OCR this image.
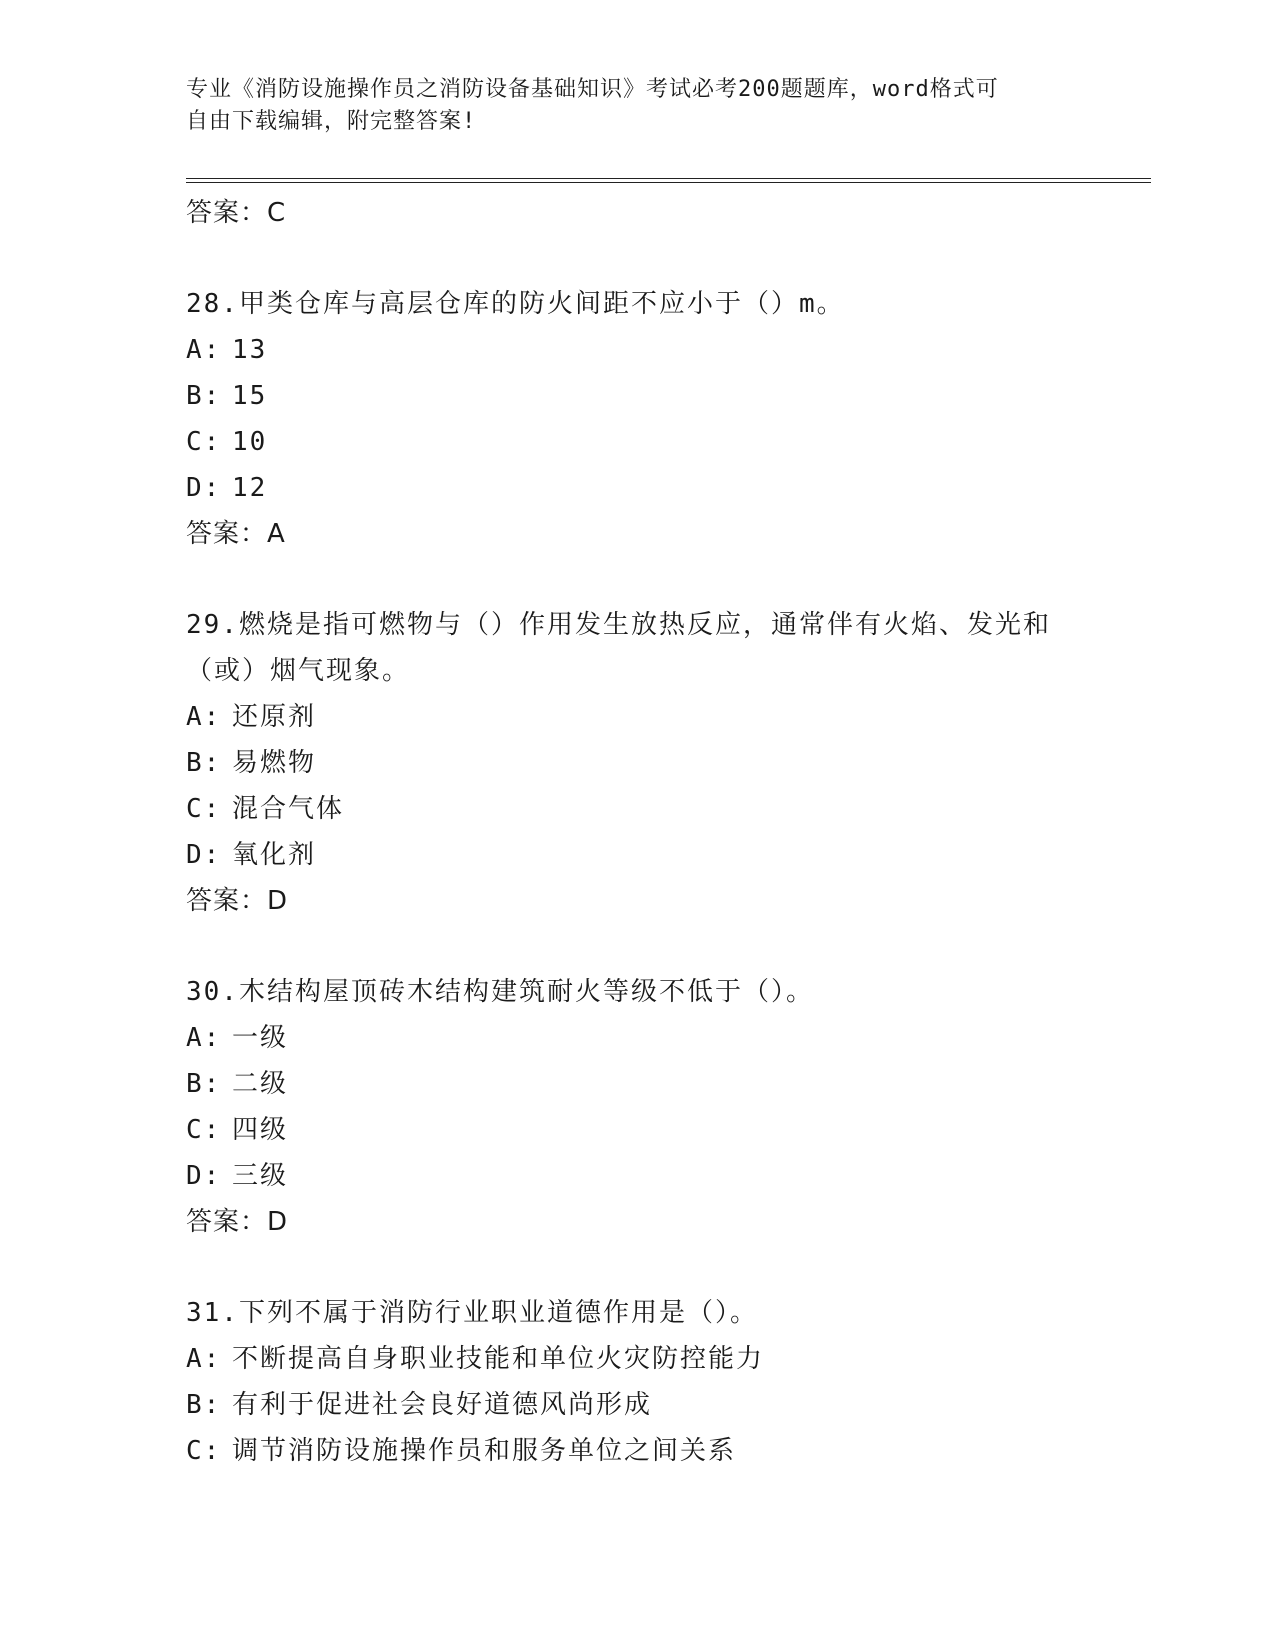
专业《消防设施操作员之消防设备基础知识》考试必考200题题库，word格式可
自由下载编辑，附完整答案!
答案：C
28.甲类仓库与高层仓库的防火间距不应小于（）m。
A: 13
B: 15
C: 10
D: 12
答案：A
29.燃烧是指可燃物与（）作用发生放热反应，通常伴有火焰、发光和
（或）烟气现象。
A: 还原剂
B: 易燃物
C: 混合气体
D: 氧化剂
答案：D
30.木结构屋顶砖木结构建筑耐火等级不低于（）。
A: 一级
B: 二级
C: 四级
D: 三级
答案：D
31.下列不属于消防行业职业道德作用是（）。
A: 不断提高自身职业技能和单位火灾防控能力
B: 有利于促进社会良好道德风尚形成
C: 调节消防设施操作员和服务单位之间关系
